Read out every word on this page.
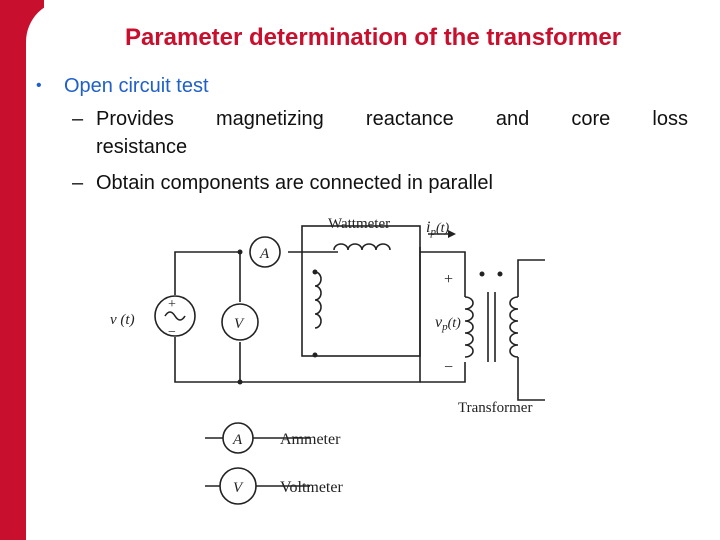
Parameter determination of the transformer
• Open circuit test
– Provides magnetizing reactance and core loss
resistance
– Obtain components are connected in parallel
Wattmeter ip(t)
+
vp(t)
−
v (t)
+
−
A
V
Transformer
A Ammeter
V Voltmeter
